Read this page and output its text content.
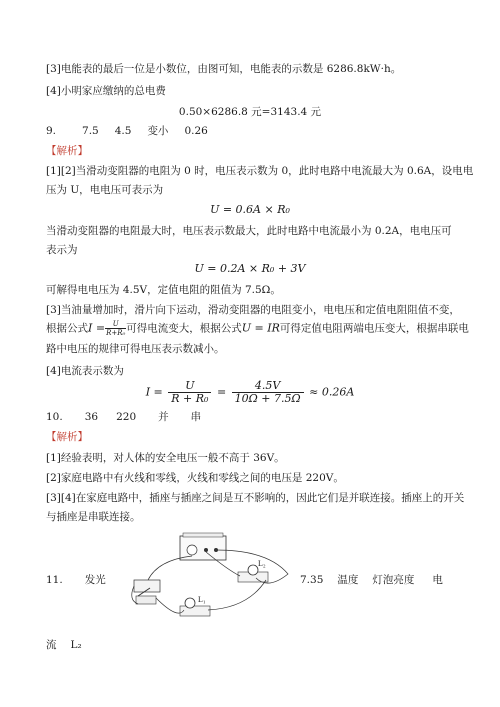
[3]电能表的最后一位是小数位，由图可知，电能表的示数是 6286.8kW·h。
[4]小明家应缴纳的总电费
0.50×6286.8 元=3143.4 元
9. 7.5 4.5 变小 0.26
【解析】
[1][2]当滑动变阻器的电阻为 0 时，电压表示数为 0，此时电路中电流最大为 0.6A，设电电
压为 U，电电压可表示为
U = 0.6A × R₀
当滑动变阻器的电阻最大时，电压表示数最大，此时电路中电流最小为 0.2A，电电压可
表示为
U = 0.2A × R₀ + 3V
可解得电电压为 4.5V，定值电阻的阻值为 7.5Ω。
[3]当油量增加时，滑片向下运动，滑动变阻器的电阻变小，电电压和定值电阻阻值不变，
根据公式$I = \frac{U}{\text{R+R₀}}$ 可得电流变大，根据公式U = IR可得定值电阻两端电压变大，根据串联电
路中电压的规律可得电压表示数减小。
[4]电流表示数为
$I = \frac{U}{\text{R + R₀}} = \frac{4.5V}{10\Omega + 7.5\Omega} \approx 0.26A$
10. 36 220 并 串
【解析】
[1]经验表明，对人体的安全电压一般不高于 36V。
[2]家庭电路中有火线和零线，火线和零线之间的电压是 220V。
[3][4]在家庭电路中，插座与插座之间是互不影响的，因此它们是并联连接。插座上的开关
与插座是串联连接。
11. 发光
L₂
L₁
7.35 温度 灯泡亮度 电
流 L₂
